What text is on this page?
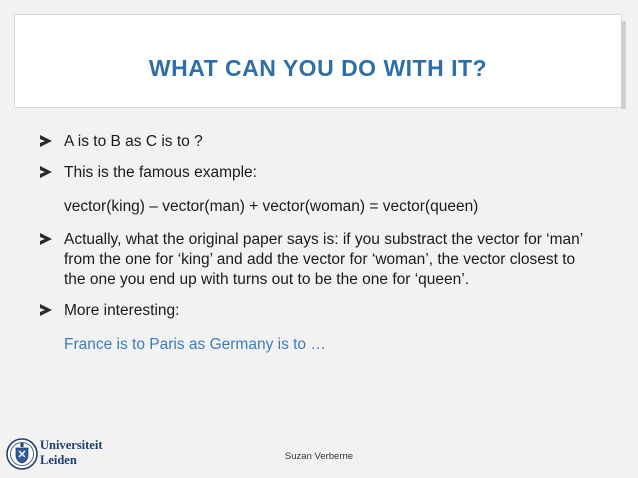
WHAT CAN YOU DO WITH IT?
A is to B as C is to ?
This is the famous example:
vector(king) – vector(man) + vector(woman) = vector(queen)
Actually, what the original paper says is: if you substract the vector for ‘man’ from the one for ‘king’ and add the vector for ‘woman’, the vector closest to the one you end up with turns out to be the one for ‘queen’.
More interesting:
France is to Paris as Germany is to …
Universiteit
Leiden	Suzan Verberne
